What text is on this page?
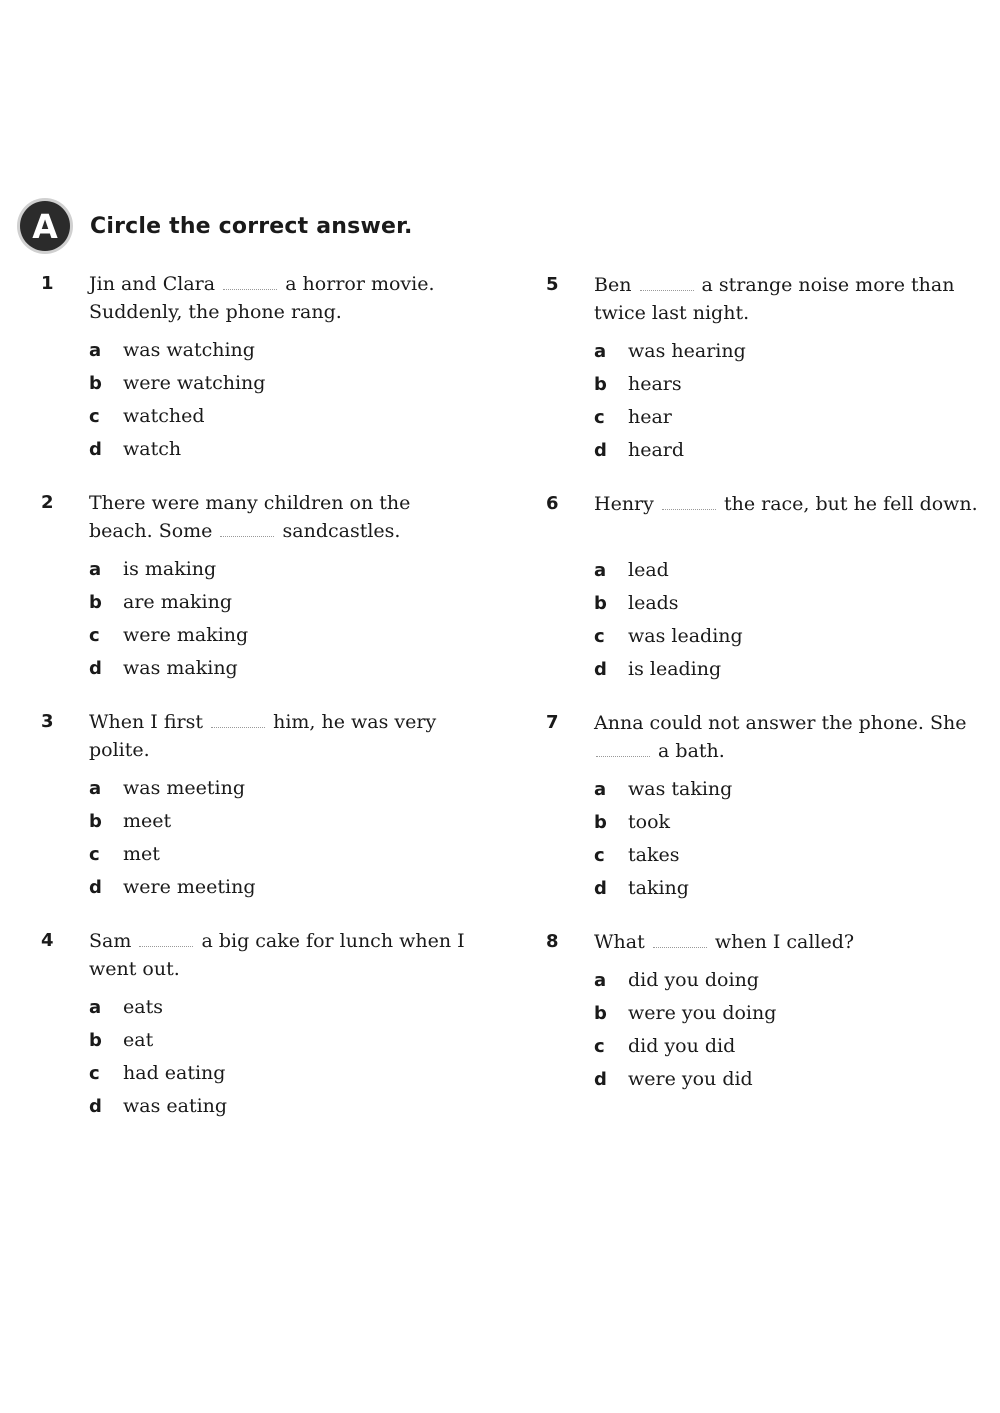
A	Circle the correct answer.
1 Jin and Clara	a horror movie. Suddenly, the phone rang.
a was watching
b were watching
c watched
d watch
2 There were many children on the beach. Some	sandcastles.
a is making
b are making
c were making
d was making
3 When I first	him, he was very polite.
a was meeting
b meet
c met
d were meeting
4 Sam	a big cake for lunch when I went out.
a eats
b eat
c had eating
d was eating
5 Ben	a strange noise more than twice last night.
a was hearing
b hears
c hear
d heard
6 Henry	the race, but he fell down.
a lead
b leads
c was leading
d is leading
7 Anna could not answer the phone. She  a bath.
a was taking
b took
c takes
d taking
8 What	when I called?
a did you doing
b were you doing
c did you did
d were you did
